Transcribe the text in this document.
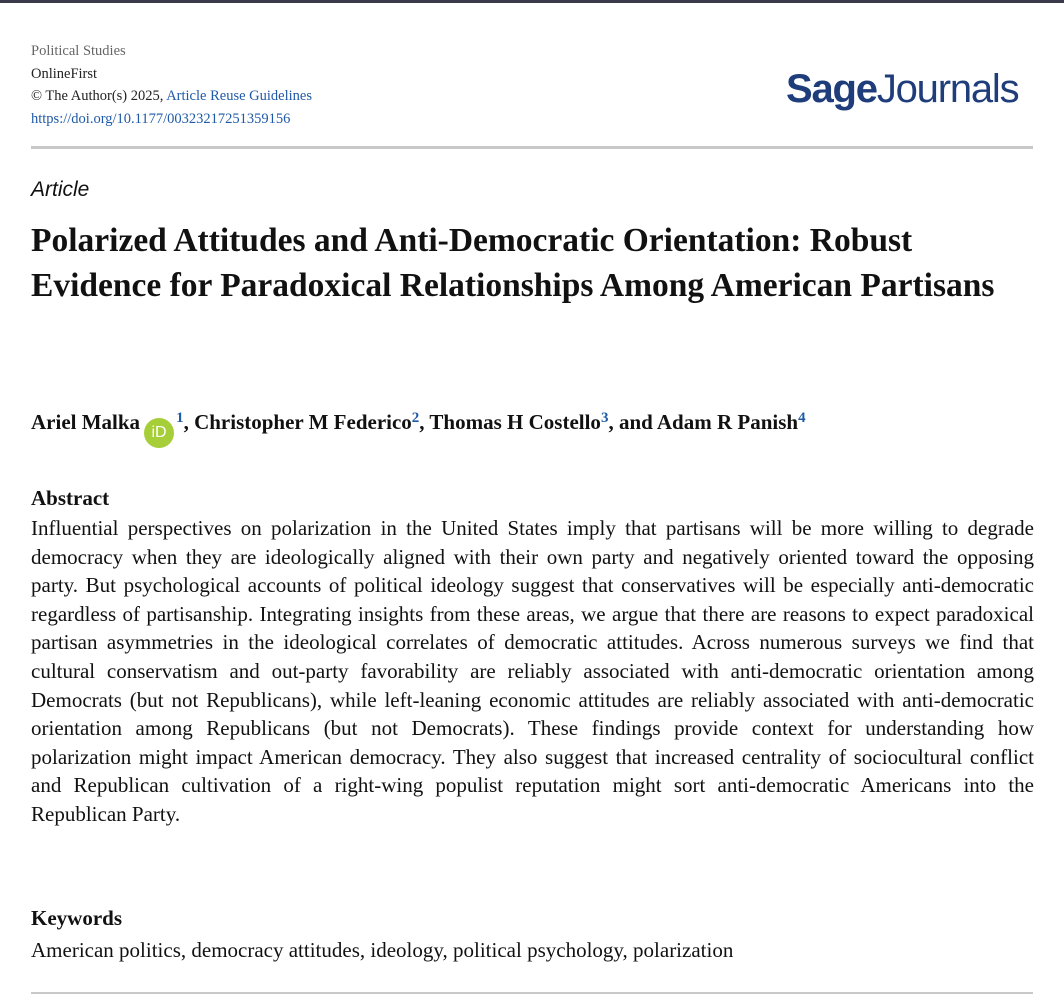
Political Studies
OnlineFirst
© The Author(s) 2025, Article Reuse Guidelines
https://doi.org/10.1177/00323217251359156
SageJournals
Article
Polarized Attitudes and Anti-Democratic Orientation: Robust Evidence for Paradoxical Relationships Among American Partisans
Ariel Malka $iD^1$, Christopher M Federico$^2$, Thomas H Costello$^3$, and Adam R Panish$^4$
Abstract

Influential perspectives on polarization in the United States imply that partisans will be more willing to degrade democracy when they are ideologically aligned with their own party and negatively oriented toward the opposing party. But psychological accounts of political ideology suggest that conservatives will be especially anti-democratic regardless of partisanship. Integrating insights from these areas, we argue that there are reasons to expect paradoxical partisan asymmetries in the ideological correlates of democratic attitudes. Across numerous surveys we find that cultural conservatism and out-party favorability are reliably associated with anti-democratic orientation among Democrats (but not Republicans), while left-leaning economic attitudes are reliably associated with anti-democratic orientation among Republicans (but not Democrats). These findings provide context for understanding how polarization might impact American democracy. They also suggest that increased centrality of sociocultural conflict and Republican cultivation of a right-wing populist reputation might sort anti-democratic Americans into the Republican Party.

Keywords
American politics, democracy attitudes, ideology, political psychology, polarization
